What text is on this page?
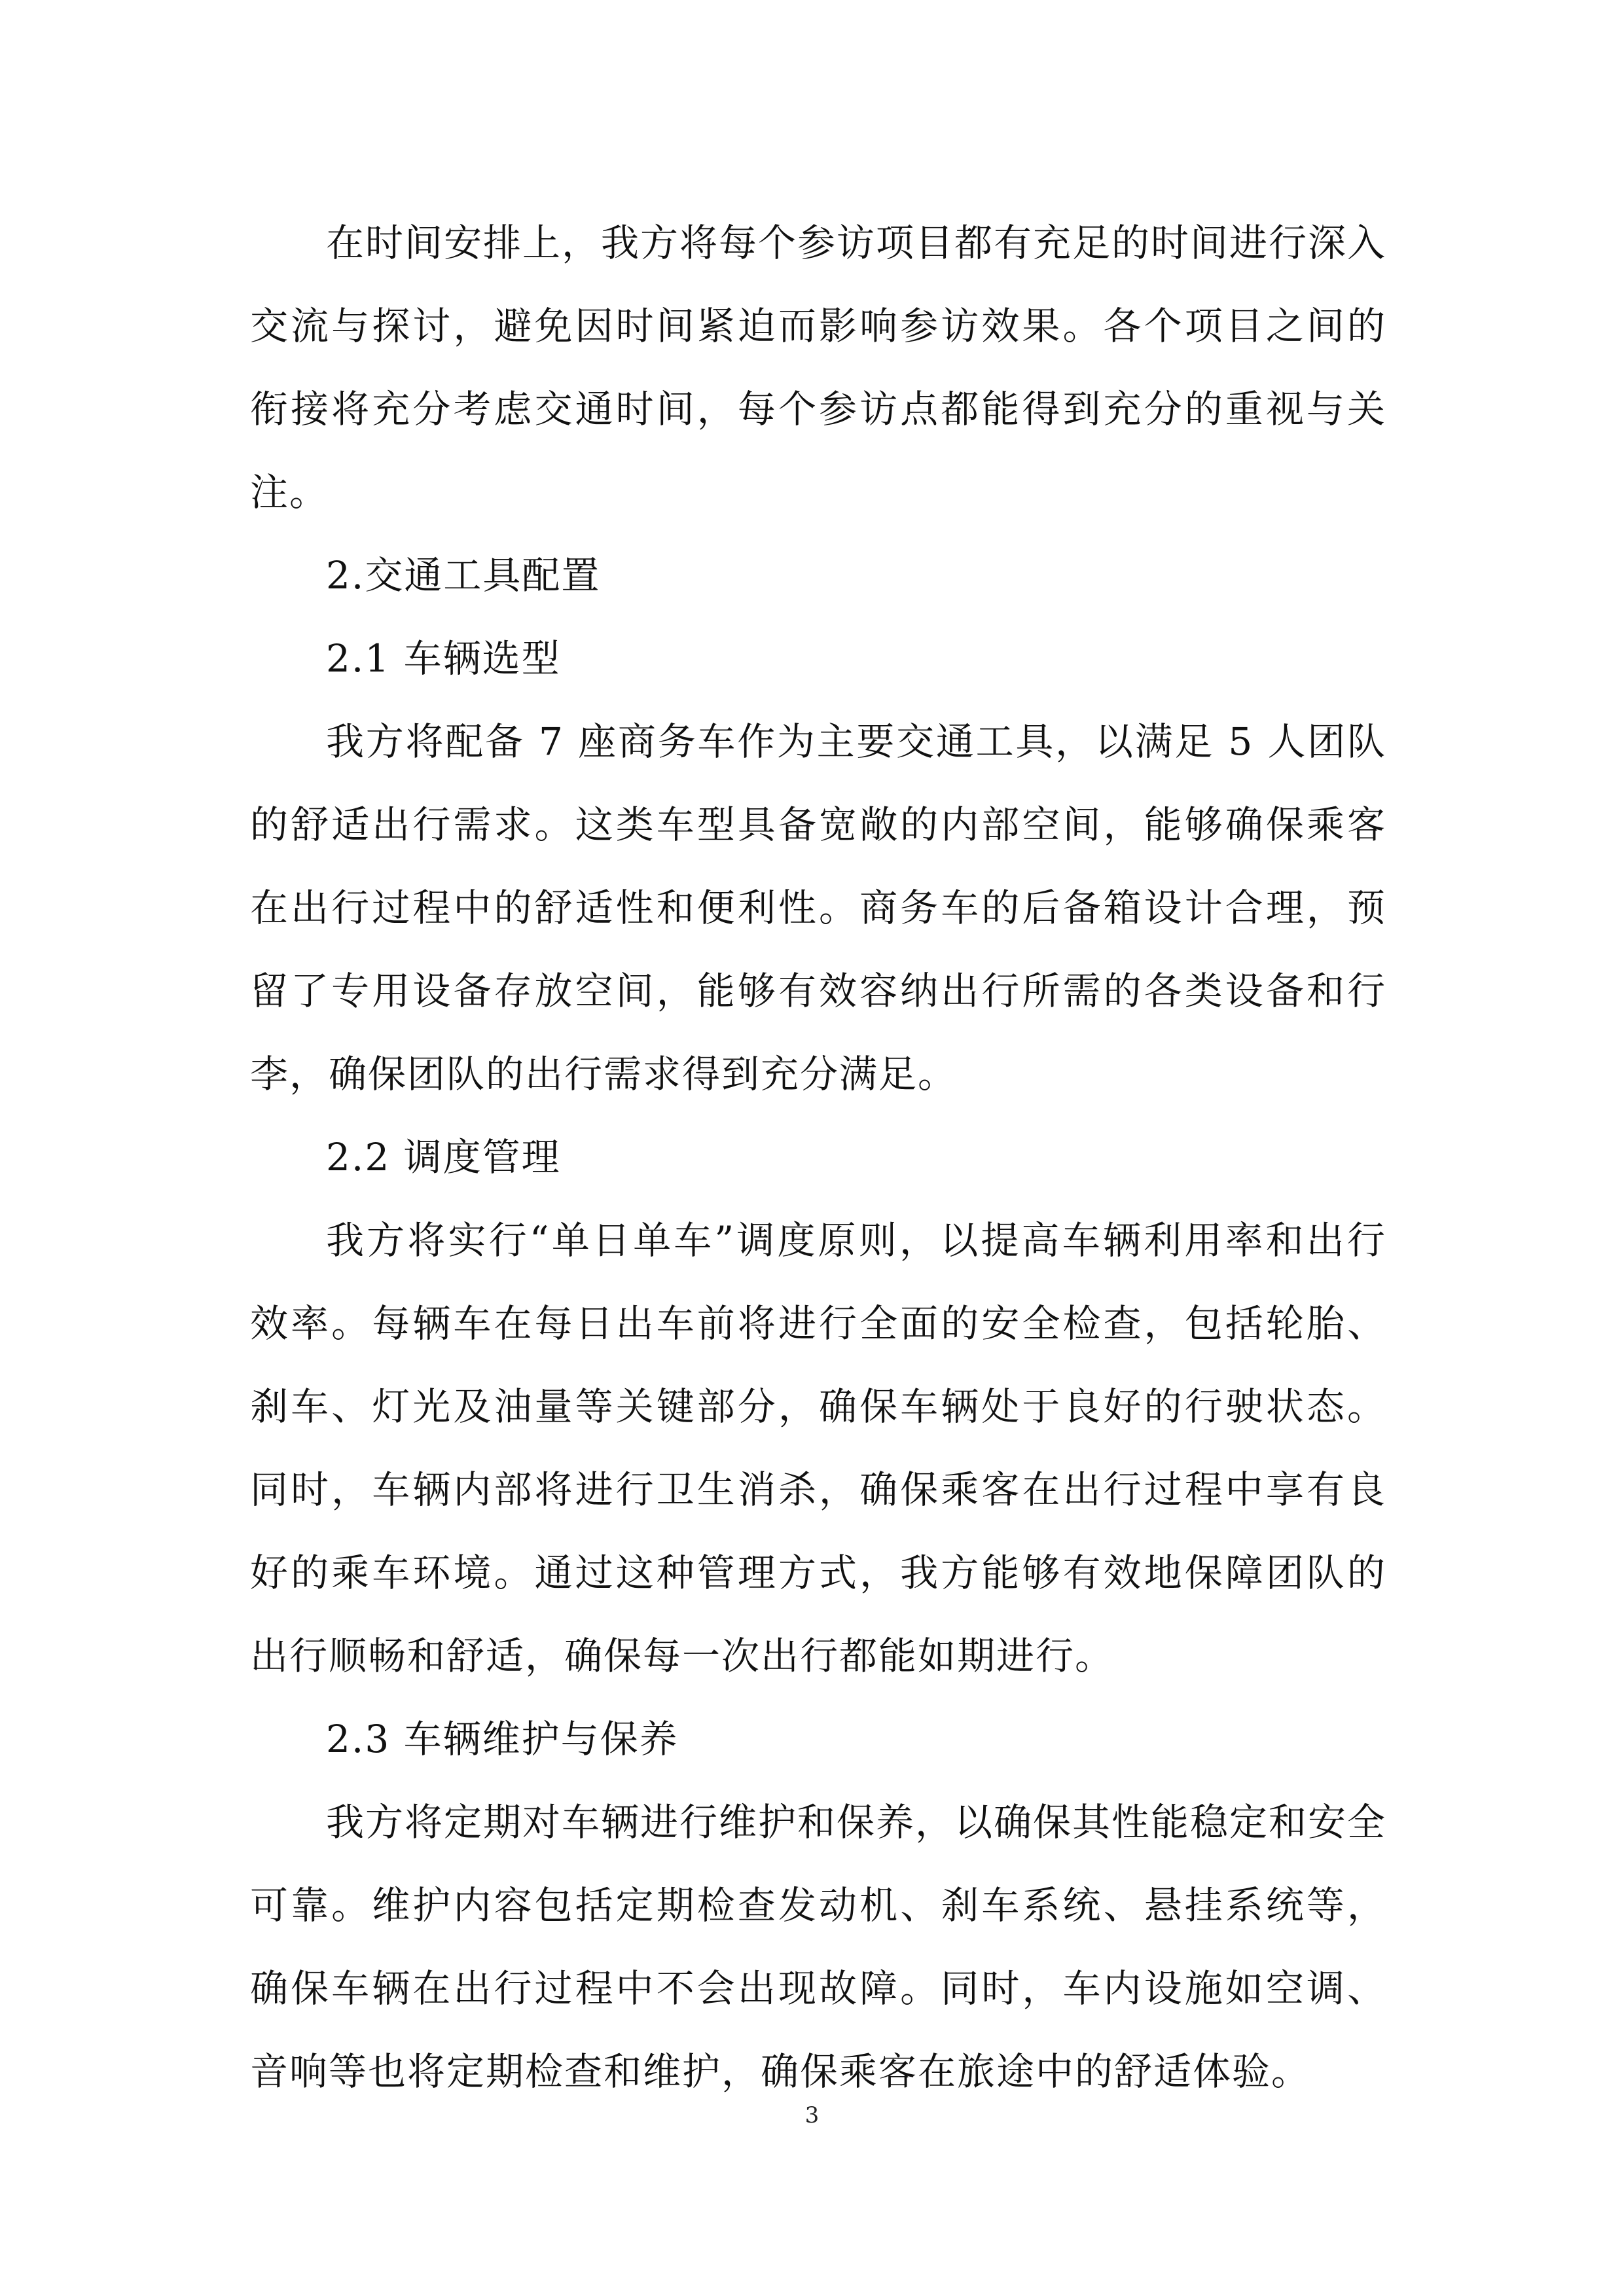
在时间安排上，我方将每个参访项目都有充足的时间进行深入交流与探讨，避免因时间紧迫而影响参访效果。各个项目之间的衔接将充分考虑交通时间，每个参访点都能得到充分的重视与关注。

2.交通工具配置

2.1 车辆选型

我方将配备 7 座商务车作为主要交通工具，以满足 5 人团队的舒适出行需求。这类车型具备宽敞的内部空间，能够确保乘客在出行过程中的舒适性和便利性。商务车的后备箱设计合理，预留了专用设备存放空间，能够有效容纳出行所需的各类设备和行李，确保团队的出行需求得到充分满足。

2.2 调度管理

我方将实行“单日单车”调度原则，以提高车辆利用率和出行效率。每辆车在每日出车前将进行全面的安全检查，包括轮胎、刹车、灯光及油量等关键部分，确保车辆处于良好的行驶状态。同时，车辆内部将进行卫生消杀，确保乘客在出行过程中享有良好的乘车环境。通过这种管理方式，我方能够有效地保障团队的出行顺畅和舒适，确保每一次出行都能如期进行。

2.3 车辆维护与保养

我方将定期对车辆进行维护和保养，以确保其性能稳定和安全可靠。维护内容包括定期检查发动机、刹车系统、悬挂系统等，确保车辆在出行过程中不会出现故障。同时，车内设施如空调、音响等也将定期检查和维护，确保乘客在旅途中的舒适体验。

3
